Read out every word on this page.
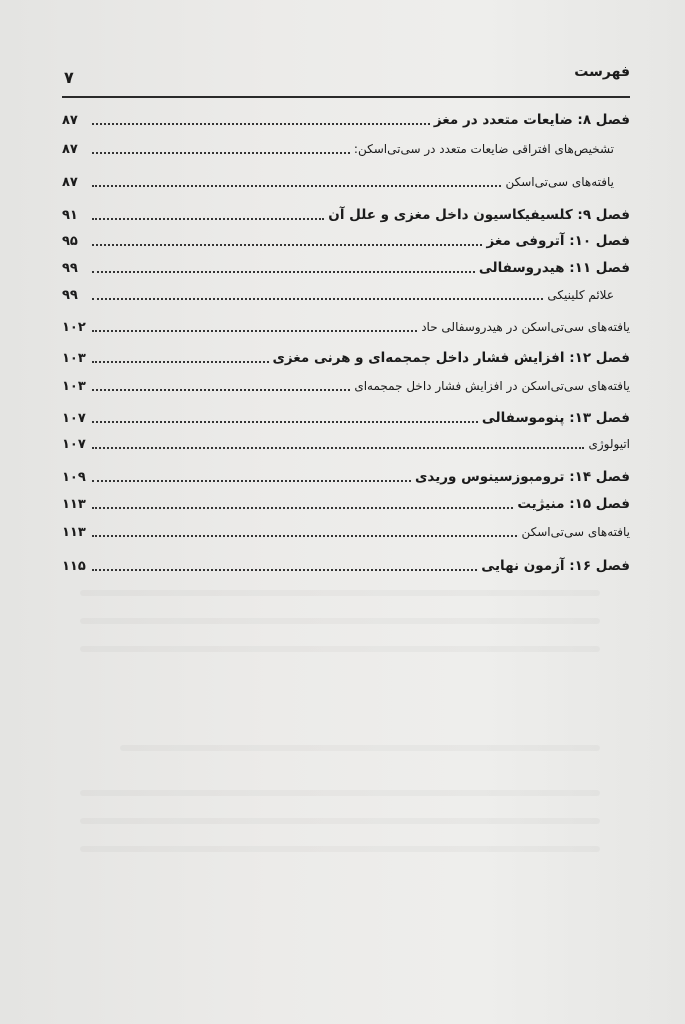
فهرست
۷
۸۷	فصل ۸: ضایعات متعدد در مغز
۸۷	تشخیص‌های افتراقی ضایعات متعدد در سی‌تی‌اسکن:
۸۷	یافته‌های سی‌تی‌اسکن
۹۱	فصل ۹: کلسیفیکاسیون داخل مغزی و علل آن
۹۵	فصل ۱۰: آتروفی مغز
۹۹	فصل ۱۱: هیدروسفالی
۹۹	علائم کلینیکی
۱۰۲	یافته‌های سی‌تی‌اسکن در هیدروسفالی حاد
۱۰۳	فصل ۱۲: افزایش فشار داخل جمجمه‌ای و هرنی مغزی
۱۰۳	یافته‌های سی‌تی‌اسکن در افزایش فشار داخل جمجمه‌ای
۱۰۷	فصل ۱۳: پنوموسفالی
۱۰۷	اتیولوژی
۱۰۹	فصل ۱۴: ترومبوزسینوس وریدی
۱۱۳	فصل ۱۵: منیژیت
۱۱۳	یافته‌های سی‌تی‌اسکن
۱۱۵	فصل ۱۶: آزمون نهایی
